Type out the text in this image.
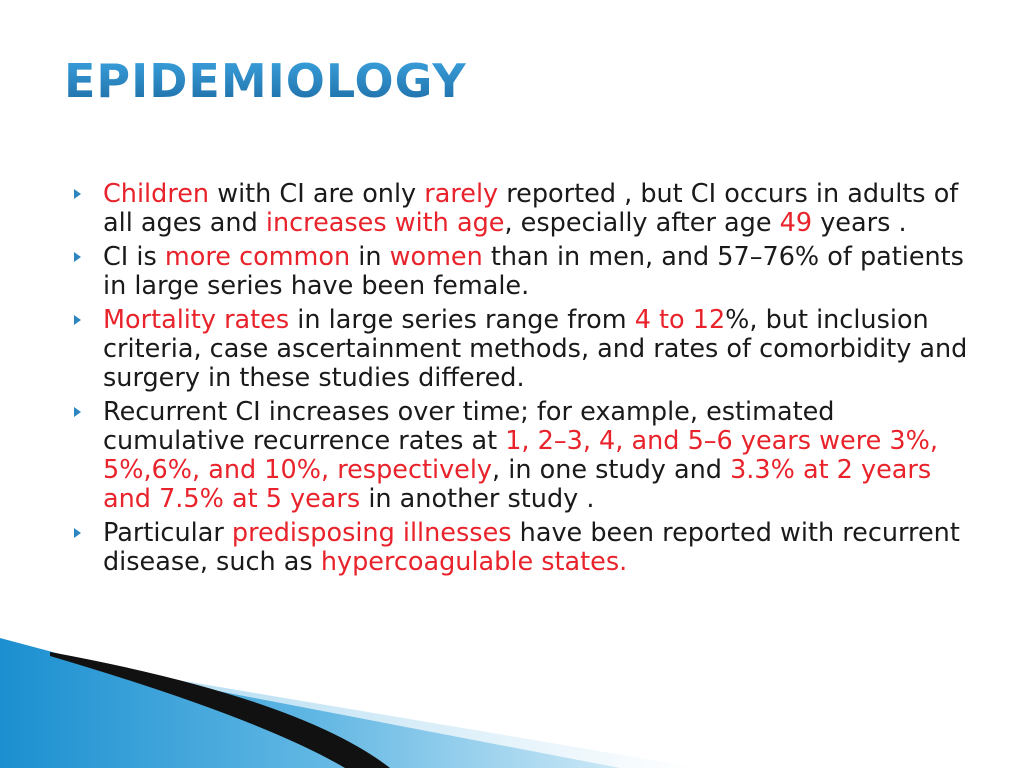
EPIDEMIOLOGY
Children with CI are only rarely reported , but CI occurs in adults of all ages and increases with age, especially after age 49 years .
CI is more common in women than in men, and 57–76% of patients in large series have been female.
Mortality rates in large series range from 4 to 12%, but inclusion criteria, case ascertainment methods, and rates of comorbidity and surgery in these studies differed.
Recurrent CI increases over time; for example, estimated cumulative recurrence rates at 1, 2–3, 4, and 5–6 years were 3%, 5%,6%, and 10%, respectively, in one study and 3.3% at 2 years and 7.5% at 5 years in another study .
Particular predisposing illnesses have been reported with recurrent disease, such as hypercoagulable states.
